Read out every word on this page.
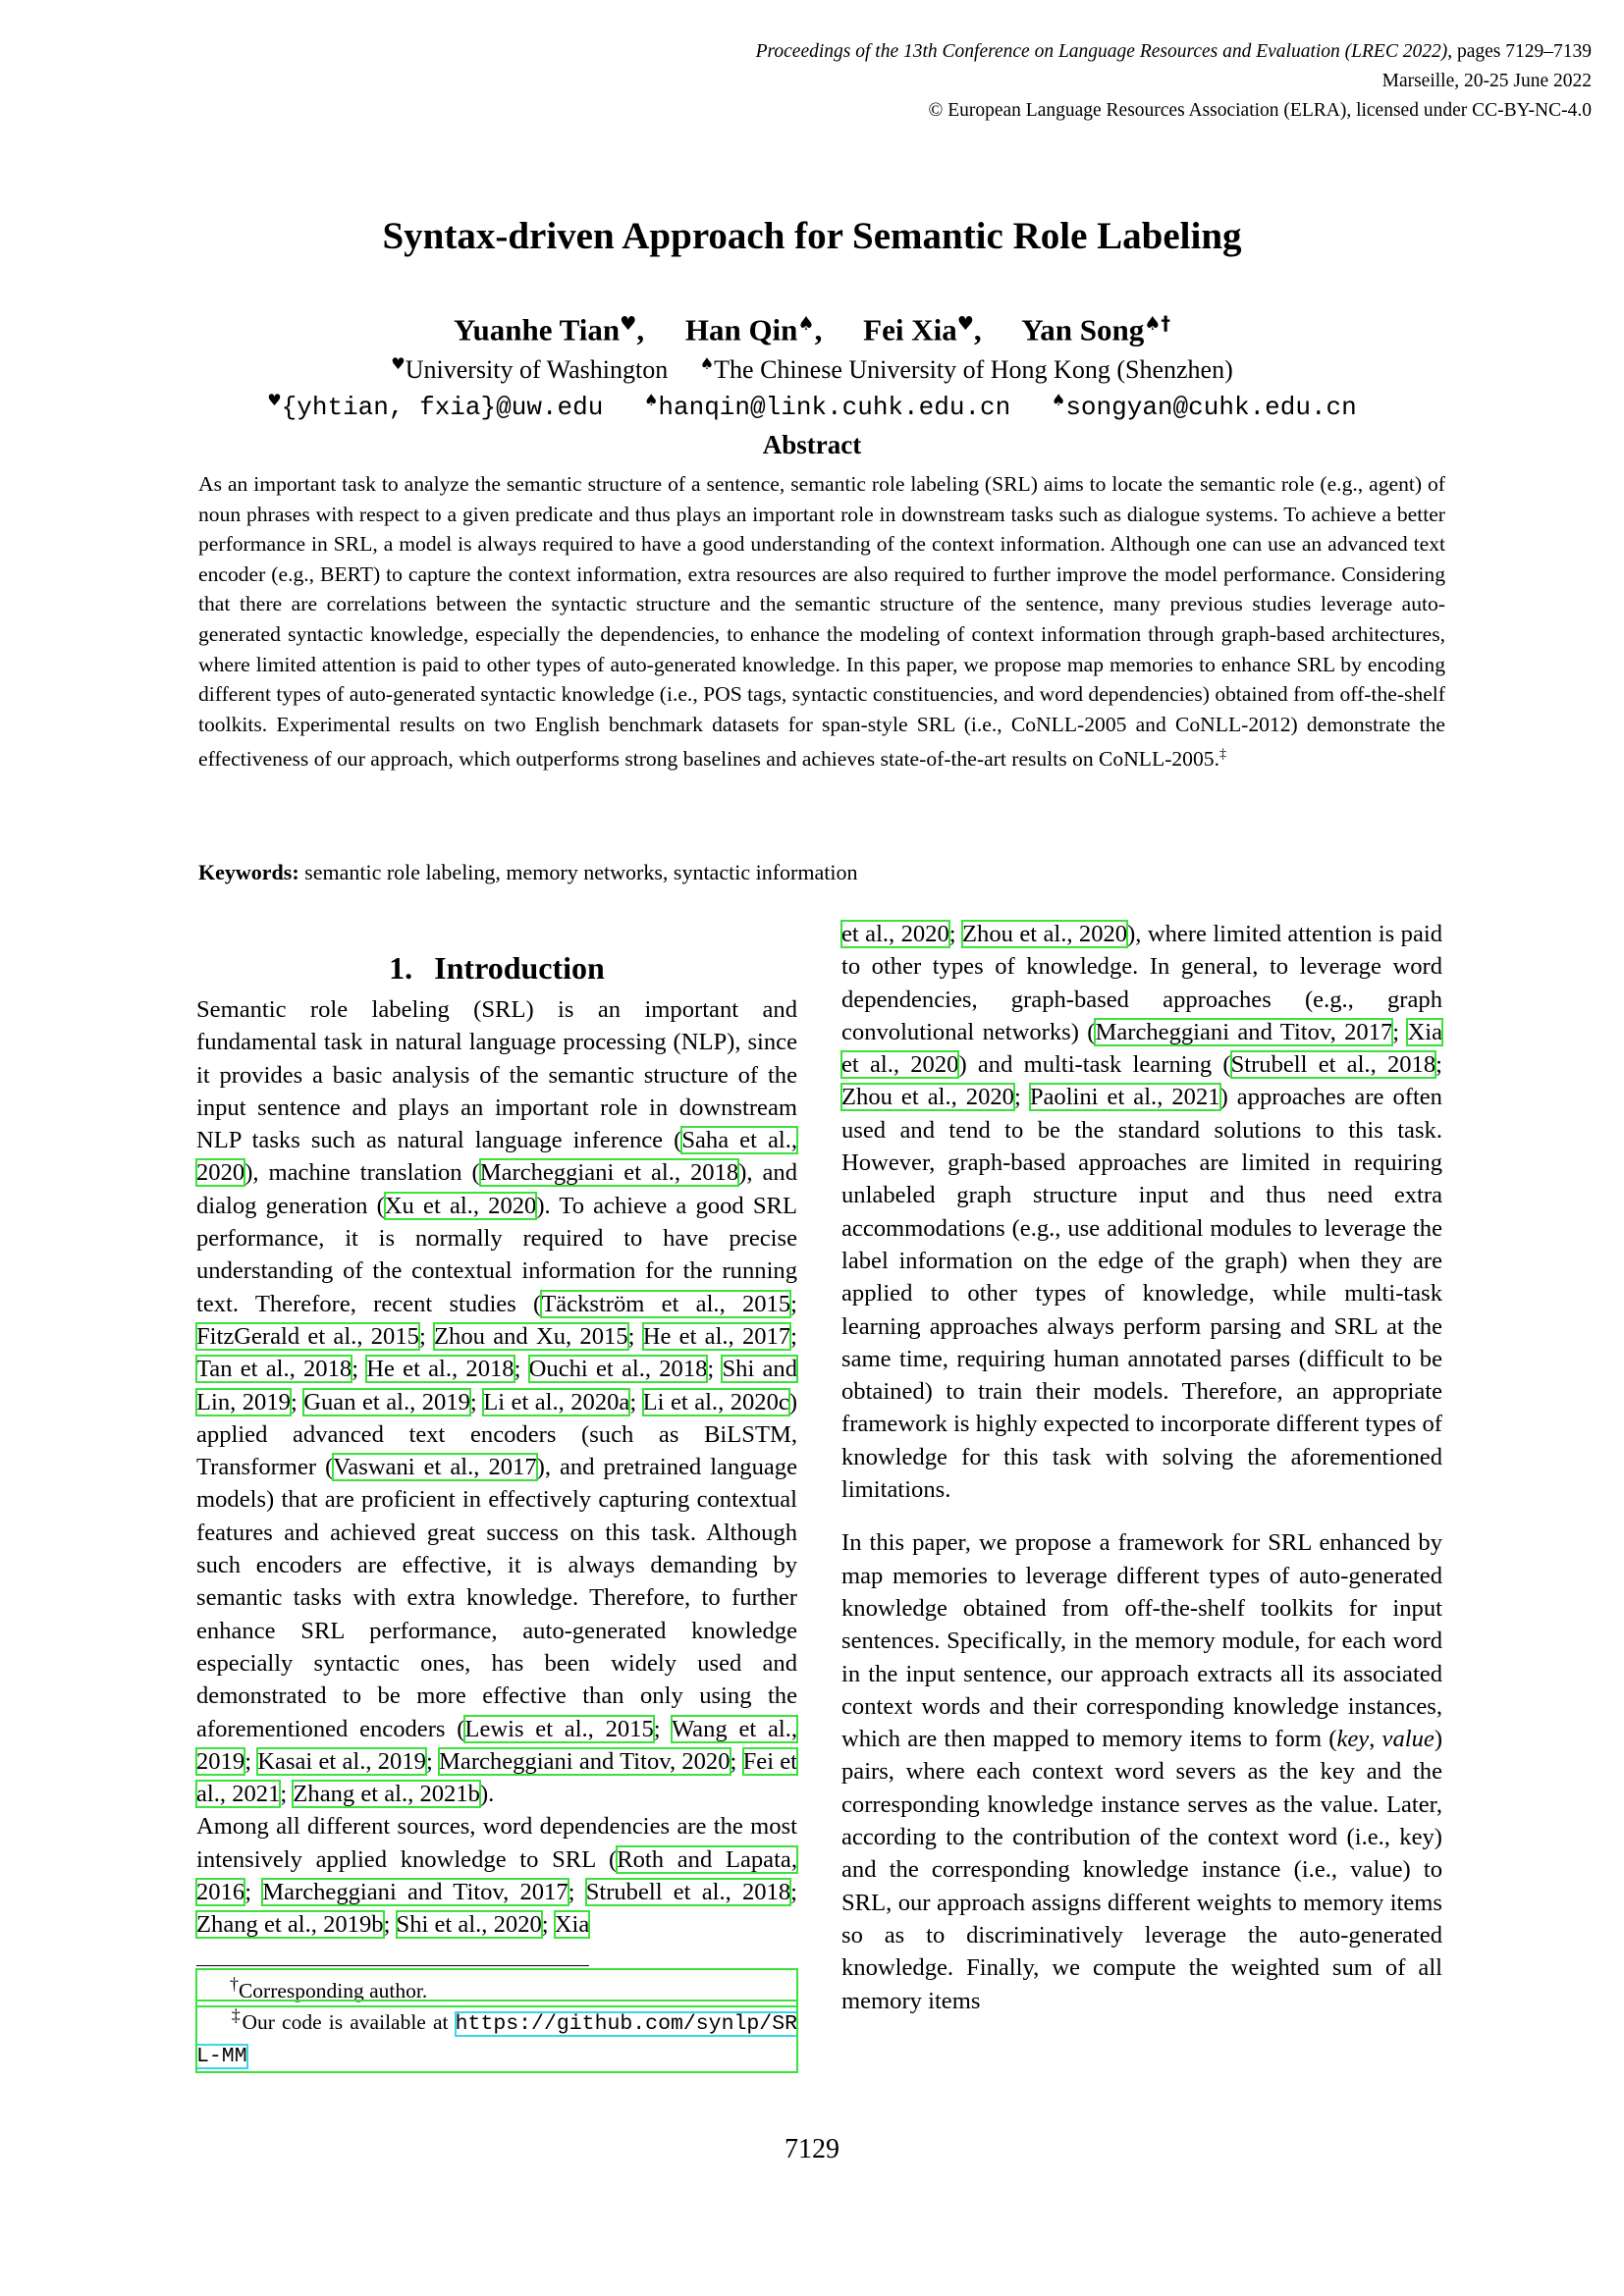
Proceedings of the 13th Conference on Language Resources and Evaluation (LREC 2022), pages 7129–7139
Marseille, 20-25 June 2022
© European Language Resources Association (ELRA), licensed under CC-BY-NC-4.0
Syntax-driven Approach for Semantic Role Labeling
Yuanhe Tian♥, Han Qin♠, Fei Xia♥, Yan Song♠†
♥University of Washington ♠The Chinese University of Hong Kong (Shenzhen)
♥{yhtian, fxia}@uw.edu	♠hanqin@link.cuhk.edu.cn	♠songyan@cuhk.edu.cn
Abstract
As an important task to analyze the semantic structure of a sentence, semantic role labeling (SRL) aims to locate the semantic role (e.g., agent) of noun phrases with respect to a given predicate and thus plays an important role in downstream tasks such as dialogue systems. To achieve a better performance in SRL, a model is always required to have a good understanding of the context information. Although one can use an advanced text encoder (e.g., BERT) to capture the context information, extra resources are also required to further improve the model performance. Considering that there are correlations between the syntactic structure and the semantic structure of the sentence, many previous studies leverage auto-generated syntactic knowledge, especially the dependencies, to enhance the modeling of context information through graph-based architectures, where limited attention is paid to other types of auto-generated knowledge. In this paper, we propose map memories to enhance SRL by encoding different types of auto-generated syntactic knowledge (i.e., POS tags, syntactic constituencies, and word dependencies) obtained from off-the-shelf toolkits. Experimental results on two English benchmark datasets for span-style SRL (i.e., CoNLL-2005 and CoNLL-2012) demonstrate the effectiveness of our approach, which outperforms strong baselines and achieves state-of-the-art results on CoNLL-2005.‡
Keywords: semantic role labeling, memory networks, syntactic information
1. Introduction

Semantic role labeling (SRL) is an important and fundamental task in natural language processing (NLP), since it provides a basic analysis of the semantic structure of the input sentence and plays an important role in downstream NLP tasks such as natural language inference (Saha et al., 2020), machine translation (Marcheggiani et al., 2018), and dialog generation (Xu et al., 2020). To achieve a good SRL performance, it is normally required to have precise understanding of the contextual information for the running text. Therefore, recent studies (Täckström et al., 2015; FitzGerald et al., 2015; Zhou and Xu, 2015; He et al., 2017; Tan et al., 2018; He et al., 2018; Ouchi et al., 2018; Shi and Lin, 2019; Guan et al., 2019; Li et al., 2020a; Li et al., 2020c) applied advanced text encoders (such as BiLSTM, Transformer (Vaswani et al., 2017), and pretrained language models) that are proficient in effectively capturing contextual features and achieved great success on this task. Although such encoders are effective, it is always demanding by semantic tasks with extra knowledge. Therefore, to further enhance SRL performance, auto-generated knowledge especially syntactic ones, has been widely used and demonstrated to be more effective than only using the aforementioned encoders (Lewis et al., 2015; Wang et al., 2019; Kasai et al., 2019; Marcheggiani and Titov, 2020; Fei et al., 2021; Zhang et al., 2021b).

Among all different sources, word dependencies are the most intensively applied knowledge to SRL (Roth and Lapata, 2016; Marcheggiani and Titov, 2017; Strubell et al., 2018; Zhang et al., 2019b; Shi et al., 2020; Xia

et al., 2020; Zhou et al., 2020), where limited attention is paid to other types of knowledge. In general, to leverage word dependencies, graph-based approaches (e.g., graph convolutional networks) (Marcheggiani and Titov, 2017; Xia et al., 2020) and multi-task learning (Strubell et al., 2018; Zhou et al., 2020; Paolini et al., 2021) approaches are often used and tend to be the standard solutions to this task. However, graph-based approaches are limited in requiring unlabeled graph structure input and thus need extra accommodations (e.g., use additional modules to leverage the label information on the edge of the graph) when they are applied to other types of knowledge, while multi-task learning approaches always perform parsing and SRL at the same time, requiring human annotated parses (difficult to be obtained) to train their models. Therefore, an appropriate framework is highly expected to incorporate different types of knowledge for this task with solving the aforementioned limitations.

In this paper, we propose a framework for SRL enhanced by map memories to leverage different types of auto-generated knowledge obtained from off-the-shelf toolkits for input sentences. Specifically, in the memory module, for each word in the input sentence, our approach extracts all its associated context words and their corresponding knowledge instances, which are then mapped to memory items to form (key, value) pairs, where each context word severs as the key and the corresponding knowledge instance serves as the value. Later, according to the contribution of the context word (i.e., key) and the corresponding knowledge instance (i.e., value) to SRL, our approach assigns different weights to memory items so as to discriminatively leverage the auto-generated knowledge. Finally, we compute the weighted sum of all memory items

†Corresponding author.
‡Our code is available at https://github.com/synlp/SRL-MM
7129
